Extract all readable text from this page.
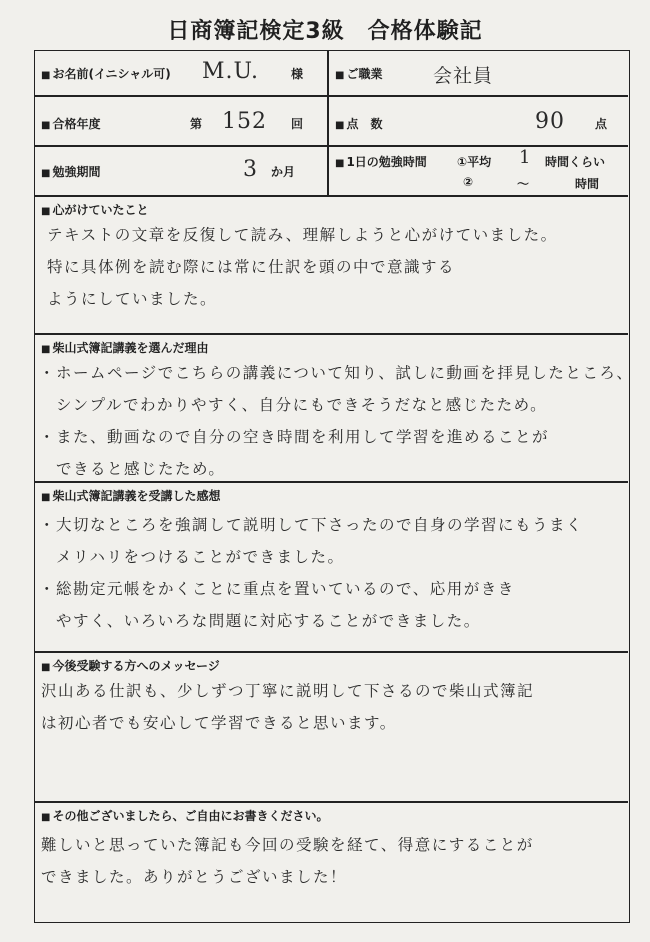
日商簿記検定3級　合格体験記
■ お名前(イニシャル可) M.U.	様	■ ご職業	会社員
■ 合格年度	第 152 回	■ 点　数	90	点
■ 勉強期間	3 か月
■ 1日の勉強時間	①平均 1 時間くらい
②	～	時間
■ 心がけていたこと
テキストの文章を反復して読み、理解しようと心がけていました。
特に具体例を読む際には常に仕訳を頭の中で意識する
ようにしていました。
■ 柴山式簿記講義を選んだ理由
・ホームページでこちらの講義について知り、試しに動画を拝見したところ、
　シンプルでわかりやすく、自分にもできそうだなと感じたため。
・また、動画なので自分の空き時間を利用して学習を進めることが
　できると感じたため。
■ 柴山式簿記講義を受講した感想
・大切なところを強調して説明して下さったので自身の学習にもうまく
　メリハリをつけることができました。
・総勘定元帳をかくことに重点を置いているので、応用がきき
　やすく、いろいろな問題に対応することができました。
■ 今後受験する方へのメッセージ
沢山ある仕訳も、少しずつ丁寧に説明して下さるので柴山式簿記
は初心者でも安心して学習できると思います。
■ その他ございましたら、ご自由にお書きください。
難しいと思っていた簿記も今回の受験を経て、得意にすることが
できました。ありがとうございました！
